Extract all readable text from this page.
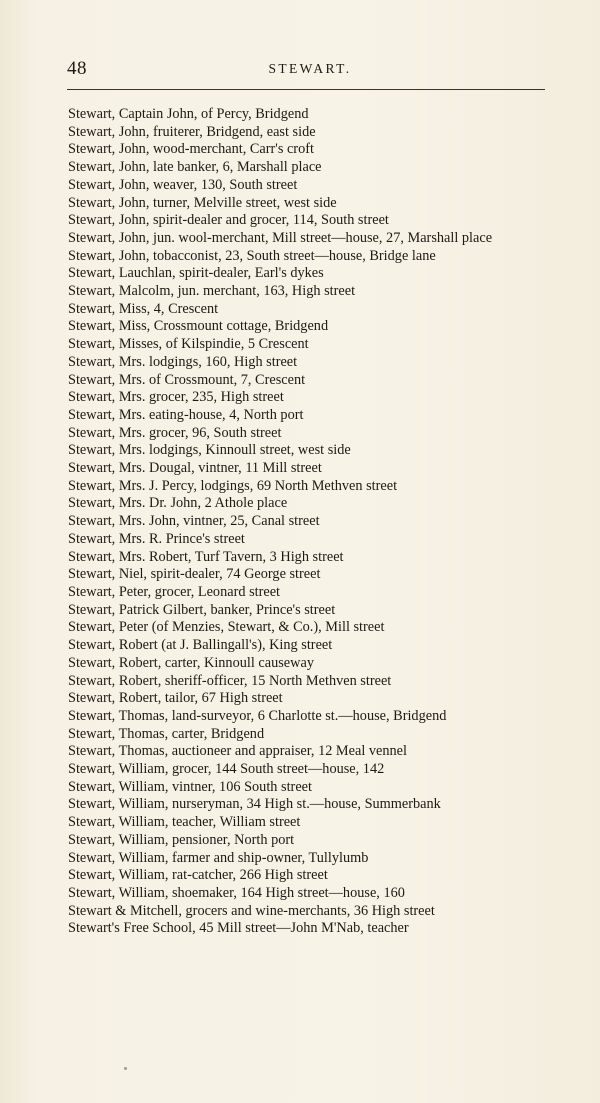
48	STEWART.
Stewart, Captain John, of Percy, Bridgend
Stewart, John, fruiterer, Bridgend, east side
Stewart, John, wood-merchant, Carr's croft
Stewart, John, late banker, 6, Marshall place
Stewart, John, weaver, 130, South street
Stewart, John, turner, Melville street, west side
Stewart, John, spirit-dealer and grocer, 114, South street
Stewart, John, jun. wool-merchant, Mill street—house, 27, Marshall place
Stewart, John, tobacconist, 23, South street—house, Bridge lane
Stewart, Lauchlan, spirit-dealer, Earl's dykes
Stewart, Malcolm, jun. merchant, 163, High street
Stewart, Miss, 4, Crescent
Stewart, Miss, Crossmount cottage, Bridgend
Stewart, Misses, of Kilspindie, 5 Crescent
Stewart, Mrs. lodgings, 160, High street
Stewart, Mrs. of Crossmount, 7, Crescent
Stewart, Mrs. grocer, 235, High street
Stewart, Mrs. eating-house, 4, North port
Stewart, Mrs. grocer, 96, South street
Stewart, Mrs. lodgings, Kinnoull street, west side
Stewart, Mrs. Dougal, vintner, 11 Mill street
Stewart, Mrs. J. Percy, lodgings, 69 North Methven street
Stewart, Mrs. Dr. John, 2 Athole place
Stewart, Mrs. John, vintner, 25, Canal street
Stewart, Mrs. R. Prince's street
Stewart, Mrs. Robert, Turf Tavern, 3 High street
Stewart, Niel, spirit-dealer, 74 George street
Stewart, Peter, grocer, Leonard street
Stewart, Patrick Gilbert, banker, Prince's street
Stewart, Peter (of Menzies, Stewart, & Co.), Mill street
Stewart, Robert (at J. Ballingall's), King street
Stewart, Robert, carter, Kinnoull causeway
Stewart, Robert, sheriff-officer, 15 North Methven street
Stewart, Robert, tailor, 67 High street
Stewart, Thomas, land-surveyor, 6 Charlotte st.—house, Bridgend
Stewart, Thomas, carter, Bridgend
Stewart, Thomas, auctioneer and appraiser, 12 Meal vennel
Stewart, William, grocer, 144 South street—house, 142
Stewart, William, vintner, 106 South street
Stewart, William, nurseryman, 34 High st.—house, Summerbank
Stewart, William, teacher, William street
Stewart, William, pensioner, North port
Stewart, William, farmer and ship-owner, Tullylumb
Stewart, William, rat-catcher, 266 High street
Stewart, William, shoemaker, 164 High street—house, 160
Stewart & Mitchell, grocers and wine-merchants, 36 High street
Stewart's Free School, 45 Mill street—John M'Nab, teacher
